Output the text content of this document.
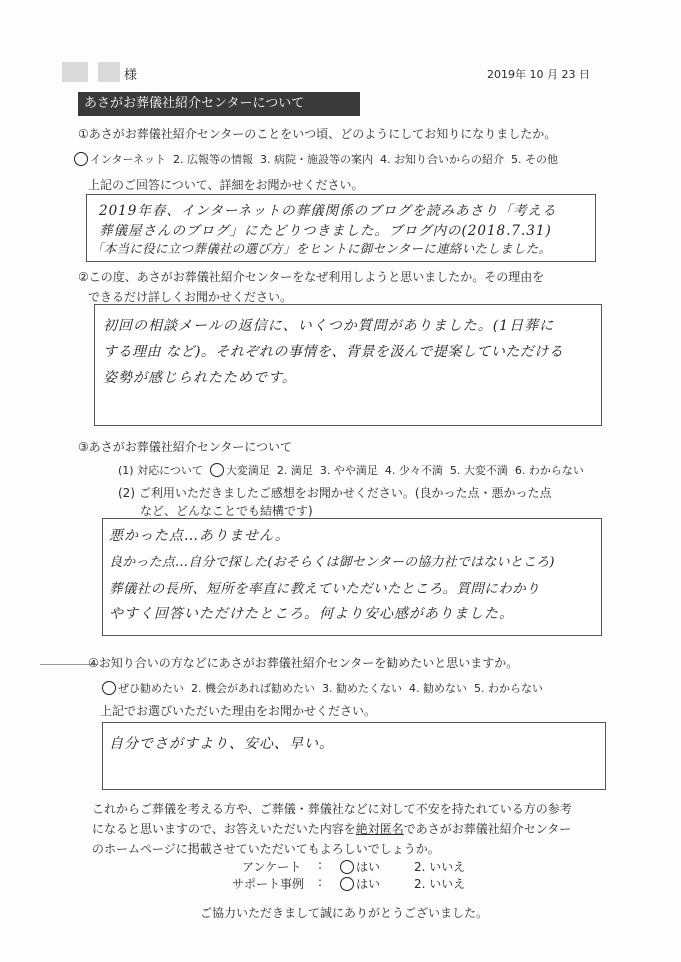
様	2019年 10 月 23 日
あさがお葬儀社紹介センターについて
①あさがお葬儀社紹介センターのことをいつ頃、どのようにしてお知りになりましたか。
インターネット 2. 広報等の情報 3. 病院・施設等の案内 4. お知り合いからの紹介 5. その他
上記のご回答について、詳細をお聞かせください。
2019年春、インターネットの葬儀関係のブログを読みあさり「考える
葬儀屋さんのブログ」にたどりつきました。ブログ内の(2018.7.31)
「本当に役に立つ葬儀社の選び方」をヒントに御センターに連絡いたしました。
②この度、あさがお葬儀社紹介センターをなぜ利用しようと思いましたか。その理由を
できるだけ詳しくお聞かせください。
初回の相談メールの返信に、いくつか質問がありました。(1日葬に
する理由 など)。それぞれの事情を、背景を汲んで提案していただける
姿勢が感じられたためです。
③あさがお葬儀社紹介センターについて
(1) 対応について 大変満足 2. 満足 3. やや満足 4. 少々不満 5. 大変不満 6. わからない
(2) ご利用いただきましたご感想をお聞かせください。(良かった点・悪かった点
など、どんなことでも結構です)
悪かった点…ありません。
良かった点…自分で探した(おそらくは御センターの協力社ではないところ)
葬儀社の長所、短所を率直に教えていただいたところ。質問にわかり
やすく回答いただけたところ。何より安心感がありました。
④お知り合いの方などにあさがお葬儀社紹介センターを勧めたいと思いますか。
ぜひ勧めたい 2. 機会があれば勧めたい 3. 勧めたくない 4. 勧めない 5. わからない
上記でお選びいただいた理由をお聞かせください。
自分でさがすより、安心、早い。
これからご葬儀を考える方や、ご葬儀・葬儀社などに対して不安を持たれている方の参考
になると思いますので、お答えいただいた内容を絶対匿名であさがお葬儀社紹介センター
のホームページに掲載させていただいてもよろしいでしょうか。
アンケート :	はい	2. いいえ
サポート事例 :	はい	2. いいえ
ご協力いただきまして誠にありがとうございました。
